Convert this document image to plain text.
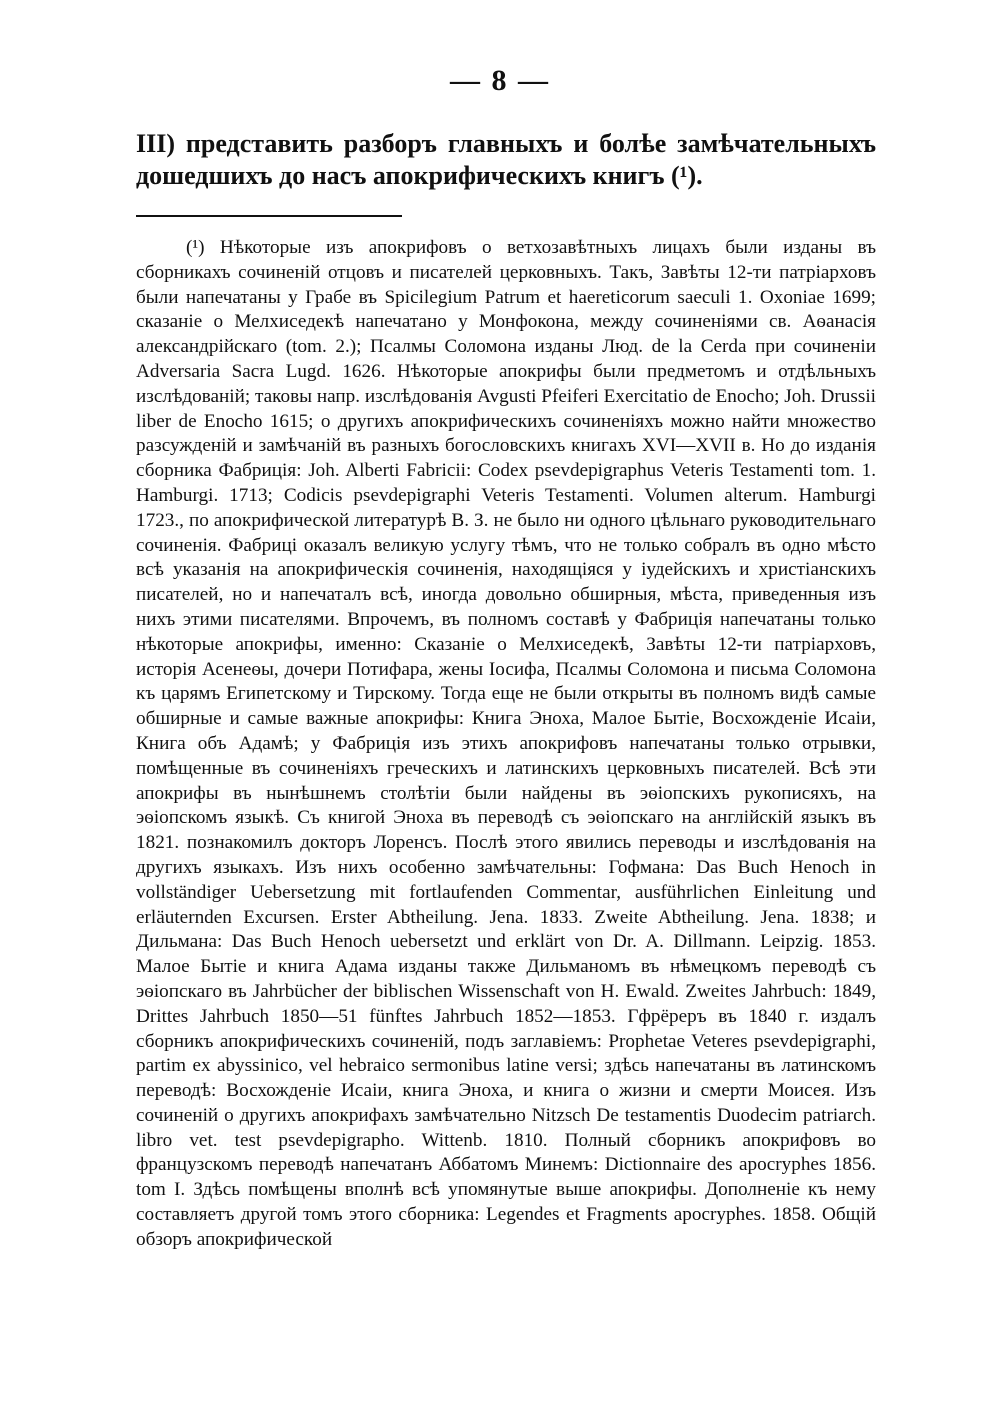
— 8 —
III) представить разборъ главныхъ и болѣе замѣчательныхъ дошедшихъ до насъ апокрифическихъ книгъ (¹).

(¹) Нѣкоторые изъ апокрифовъ о ветхозавѣтныхъ лицахъ были изданы въ сборникахъ сочиненій отцовъ и писателей церковныхъ. Такъ, Завѣты 12-ти патріарховъ были напечатаны у Грабе въ Spicilegium Patrum et haereticorum saeculi 1. Oxoniae 1699; сказаніе о Мелхиседекѣ напечатано у Монфокона, между сочиненіями св. Аѳанасія александрійскаго (tom. 2.); Псалмы Соломона изданы Люд. de la Cerda при сочиненіи Adversaria Sacra Lugd. 1626. Нѣкоторые апокрифы были предметомъ и отдѣльныхъ изслѣдованій; таковы напр. изслѣдованія Avgusti Pfeiferi Exercitatio de Enocho; Joh. Drussii liber de Enocho 1615; о другихъ апокрифическихъ сочиненіяхъ можно найти множество разсужденій и замѣчаній въ разныхъ богословскихъ книгахъ XVI—XVII в. Но до изданія сборника Фабриція: Joh. Alberti Fabricii: Codex psevdepigraphus Veteris Testamenti tom. 1. Hamburgi. 1713; Codicis psevdepigraphi Veteris Testamenti. Volumen alterum. Hamburgi 1723., по апокрифической литературѣ В. З. не было ни одного цѣльнаго руководительнаго сочиненія. Фабриці оказалъ великую услугу тѣмъ, что не только собралъ въ одно мѣсто всѣ указанія на апокрифическія сочиненія, находящіяся у іудейскихъ и христіанскихъ писателей, но и напечаталъ всѣ, иногда довольно обширныя, мѣста, приведенныя изъ нихъ этими писателями. Впрочемъ, въ полномъ составѣ у Фабриція напечатаны только нѣкоторые апокрифы, именно: Сказаніе о Мелхиседекѣ, Завѣты 12-ти патріарховъ, исторія Асенеѳы, дочери Потифара, жены Іосифа, Псалмы Соломона и письма Соломона къ царямъ Египетскому и Тирскому. Тогда еще не были открыты въ полномъ видѣ самые обширные и самые важные апокрифы: Книга Эноха, Малое Бытіе, Восхожденіе Исаіи, Книга объ Адамѣ; у Фабриція изъ этихъ апокрифовъ напечатаны только отрывки, помѣщенные въ сочиненіяхъ греческихъ и латинскихъ церковныхъ писателей. Всѣ эти апокрифы въ нынѣшнемъ столѣтіи были найдены въ эѳіопскихъ рукописяхъ, на эѳіопскомъ языкѣ. Съ книгой Эноха въ переводѣ съ эѳіопскаго на англійскій языкъ въ 1821. познакомилъ докторъ Лоренсъ. Послѣ этого явились переводы и изслѣдованія на другихъ языкахъ. Изъ нихъ особенно замѣчательны: Гофмана: Das Buch Henoch in vollständiger Uebersetzung mit fortlaufenden Commentar, ausführlichen Einleitung und erläuternden Excursen. Erster Abtheilung. Jena. 1833. Zweite Abtheilung. Jena. 1838; и Дильмана: Das Buch Henoch uebersetzt und erklärt von Dr. A. Dillmann. Leipzig. 1853. Малое Бытіе и книга Адама изданы также Дильманомъ въ нѣмецкомъ переводѣ съ эѳіопскаго въ Jahrbücher der biblischen Wissenschaft von H. Ewald. Zweites Jahrbuch: 1849, Drittes Jahrbuch 1850—51 fünftes Jahrbuch 1852—1853. Гфрёреръ въ 1840 г. издалъ сборникъ апокрифическихъ сочиненій, подъ заглавіемъ: Prophetae Veteres psevdepigraphi, partim ex abyssinico, vel hebraico sermonibus latine versi; здѣсь напечатаны въ латинскомъ переводѣ: Восхожденіе Исаіи, книга Эноха, и книга о жизни и смерти Моисея. Изъ сочиненій о другихъ апокрифахъ замѣчательно Nitzsch De testamentis Duodecim patriarch. libro vet. test psevdepigrapho. Wittenb. 1810. Полный сборникъ апокрифовъ во французскомъ переводѣ напечатанъ Аббатомъ Минемъ: Dictionnaire des apocryphes 1856. tom I. Здѣсь помѣщены вполнѣ всѣ упомянутые выше апокрифы. Дополненіе къ нему составляетъ другой томъ этого сборника: Legendes et Fragments apocryphes. 1858. Общій обзоръ апокрифической
